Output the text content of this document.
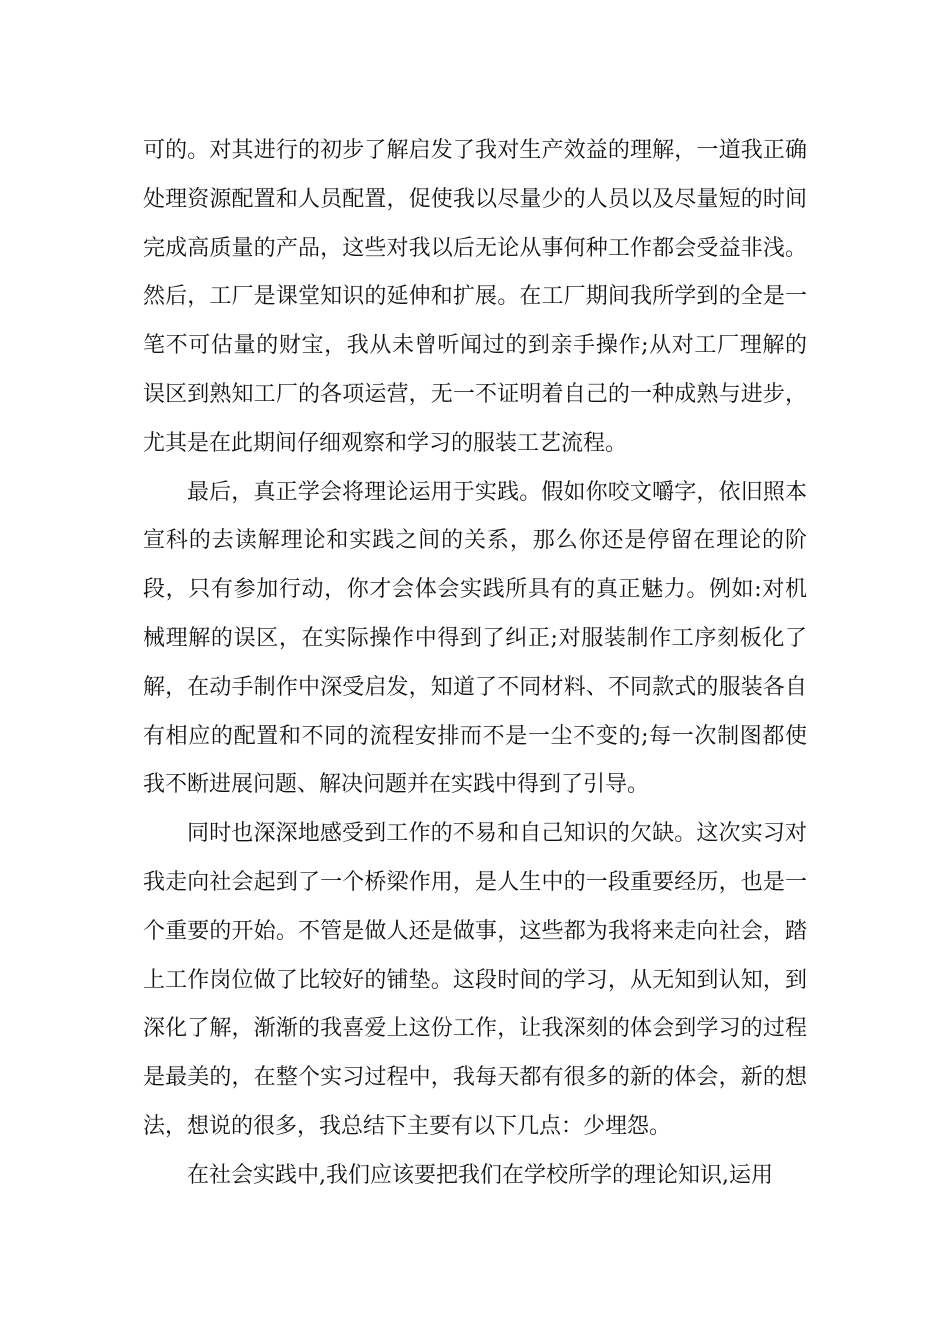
可的。对其进行的初步了解启发了我对生产效益的理解，一道我正确处理资源配置和人员配置，促使我以尽量少的人员以及尽量短的时间完成高质量的产品，这些对我以后无论从事何种工作都会受益非浅。然后，工厂是课堂知识的延伸和扩展。在工厂期间我所学到的全是一笔不可估量的财宝，我从未曾听闻过的到亲手操作;从对工厂理解的误区到熟知工厂的各项运营，无一不证明着自己的一种成熟与进步，尤其是在此期间仔细观察和学习的服装工艺流程。

最后，真正学会将理论运用于实践。假如你咬文嚼字，依旧照本宣科的去读解理论和实践之间的关系，那么你还是停留在理论的阶段，只有参加行动，你才会体会实践所具有的真正魅力。例如:对机械理解的误区，在实际操作中得到了纠正;对服装制作工序刻板化了解，在动手制作中深受启发，知道了不同材料、不同款式的服装各自有相应的配置和不同的流程安排而不是一尘不变的;每一次制图都使我不断进展问题、解决问题并在实践中得到了引导。

同时也深深地感受到工作的不易和自己知识的欠缺。这次实习对我走向社会起到了一个桥梁作用，是人生中的一段重要经历，也是一个重要的开始。不管是做人还是做事，这些都为我将来走向社会，踏上工作岗位做了比较好的铺垫。这段时间的学习，从无知到认知，到深化了解，渐渐的我喜爱上这份工作，让我深刻的体会到学习的过程是最美的，在整个实习过程中，我每天都有很多的新的体会，新的想法，想说的很多，我总结下主要有以下几点：少埋怨。

在社会实践中,我们应该要把我们在学校所学的理论知识,运用
